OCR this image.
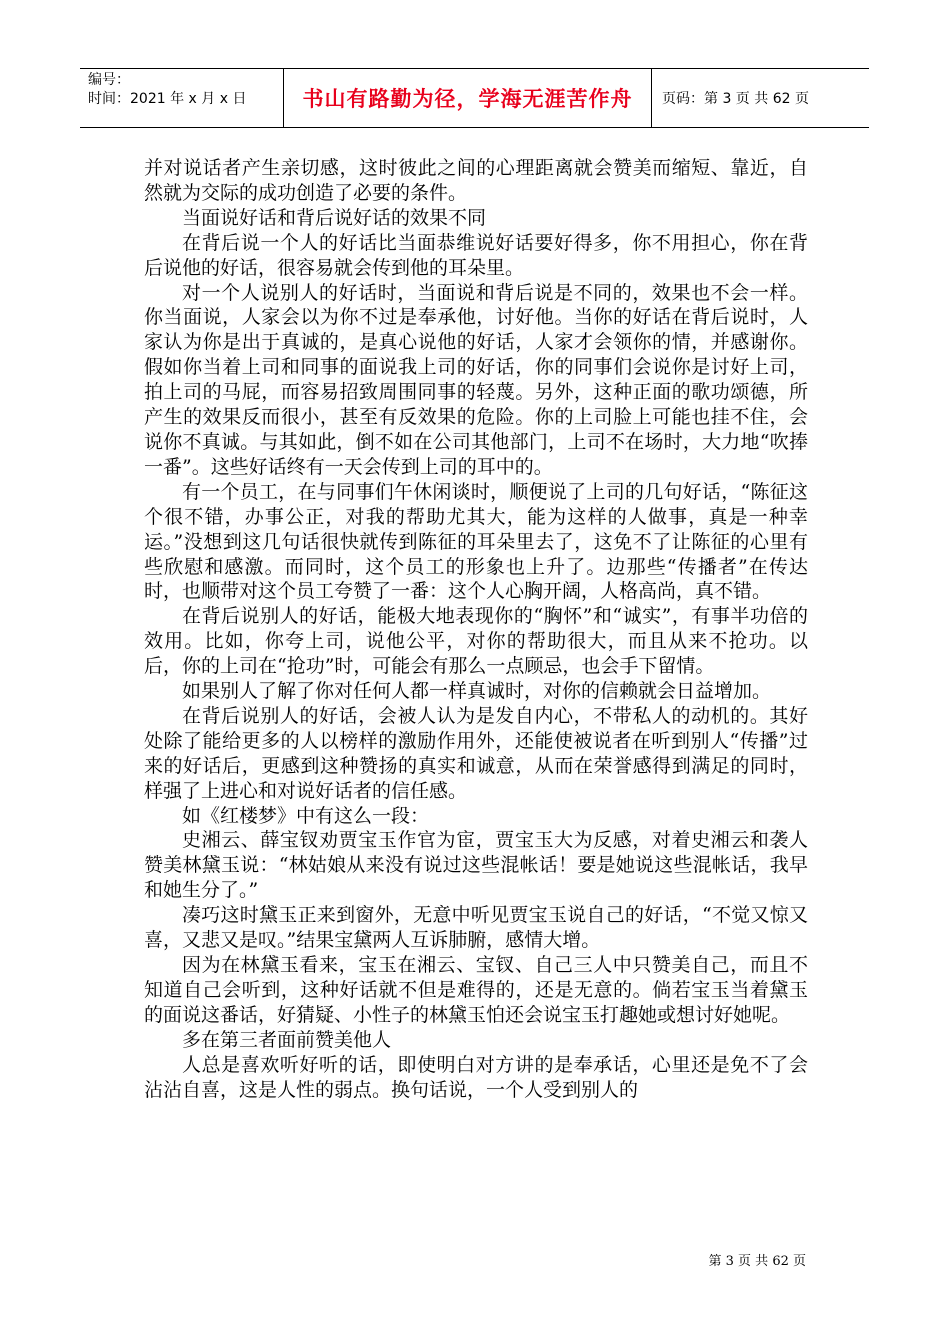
编号：
时间：2021 年 x 月 x 日	书山有路勤为径，学海无涯苦作舟	页码：第 3 页 共 62 页

并对说话者产生亲切感，这时彼此之间的心理距离就会赞美而缩短、靠近，自然就为交际的成功创造了必要的条件。

当面说好话和背后说好话的效果不同

在背后说一个人的好话比当面恭维说好话要好得多，你不用担心，你在背后说他的好话，很容易就会传到他的耳朵里。

对一个人说别人的好话时，当面说和背后说是不同的，效果也不会一样。你当面说，人家会以为你不过是奉承他，讨好他。当你的好话在背后说时，人家认为你是出于真诚的，是真心说他的好话，人家才会领你的情，并感谢你。假如你当着上司和同事的面说我上司的好话，你的同事们会说你是讨好上司，拍上司的马屁，而容易招致周围同事的轻蔑。另外，这种正面的歌功颂德，所产生的效果反而很小，甚至有反效果的危险。你的上司脸上可能也挂不住，会说你不真诚。与其如此，倒不如在公司其他部门，上司不在场时，大力地“吹捧一番”。这些好话终有一天会传到上司的耳中的。

有一个员工，在与同事们午休闲谈时，顺便说了上司的几句好话，“陈征这个很不错，办事公正，对我的帮助尤其大，能为这样的人做事，真是一种幸运。”没想到这几句话很快就传到陈征的耳朵里去了，这免不了让陈征的心里有些欣慰和感激。而同时，这个员工的形象也上升了。边那些“传播者”在传达时，也顺带对这个员工夸赞了一番：这个人心胸开阔，人格高尚，真不错。

在背后说别人的好话，能极大地表现你的“胸怀”和“诚实”，有事半功倍的效用。比如，你夸上司，说他公平，对你的帮助很大，而且从来不抢功。以后，你的上司在“抢功”时，可能会有那么一点顾忌，也会手下留情。

如果别人了解了你对任何人都一样真诚时，对你的信赖就会日益增加。

在背后说别人的好话，会被人认为是发自内心，不带私人的动机的。其好处除了能给更多的人以榜样的激励作用外，还能使被说者在听到别人“传播”过来的好话后，更感到这种赞扬的真实和诚意，从而在荣誉感得到满足的同时，样强了上进心和对说好话者的信任感。

如《红楼梦》中有这么一段：

史湘云、薛宝钗劝贾宝玉作官为宦，贾宝玉大为反感，对着史湘云和袭人赞美林黛玉说：“林姑娘从来没有说过这些混帐话！要是她说这些混帐话，我早和她生分了。”

凑巧这时黛玉正来到窗外，无意中听见贾宝玉说自己的好话，“不觉又惊又喜，又悲又是叹。”结果宝黛两人互诉肺腑，感情大增。

因为在林黛玉看来，宝玉在湘云、宝钗、自己三人中只赞美自己，而且不知道自己会听到，这种好话就不但是难得的，还是无意的。倘若宝玉当着黛玉的面说这番话，好猜疑、小性子的林黛玉怕还会说宝玉打趣她或想讨好她呢。

多在第三者面前赞美他人

人总是喜欢听好听的话，即使明白对方讲的是奉承话，心里还是免不了会沾沾自喜，这是人性的弱点。换句话说，一个人受到别人的

第 3 页 共 62 页
